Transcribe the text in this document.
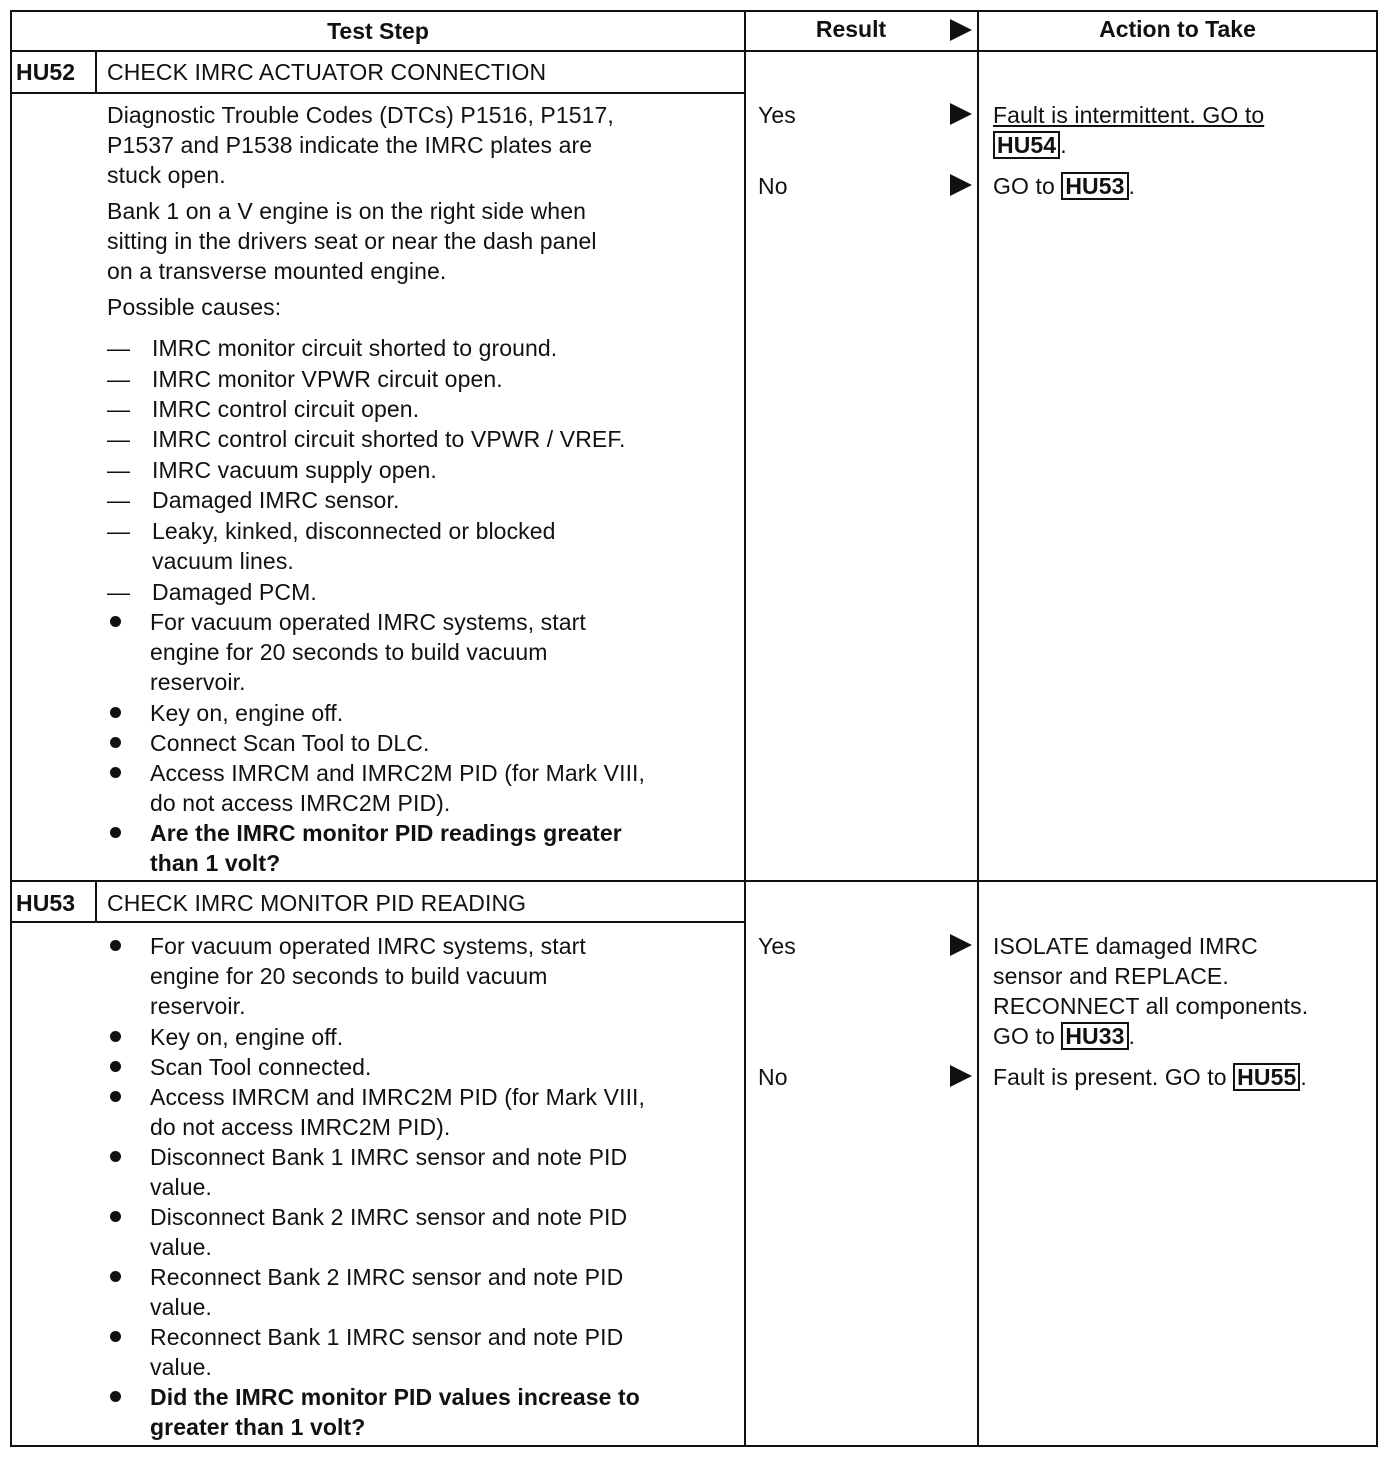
Test Step	Result	Action to Take
HU52 CHECK IMRC ACTUATOR CONNECTION
Diagnostic Trouble Codes (DTCs) P1516, P1517,
P1537 and P1538 indicate the IMRC plates are
stuck open.
Bank 1 on a V engine is on the right side when
sitting in the drivers seat or near the dash panel
on a transverse mounted engine.
Possible causes:
— IMRC monitor circuit shorted to ground.
— IMRC monitor VPWR circuit open.
— IMRC control circuit open.
— IMRC control circuit shorted to VPWR / VREF.
— IMRC vacuum supply open.
— Damaged IMRC sensor.
— Leaky, kinked, disconnected or blocked
vacuum lines.
— Damaged PCM.
For vacuum operated IMRC systems, start
engine for 20 seconds to build vacuum
reservoir.
Key on, engine off.
Connect Scan Tool to DLC.
Access IMRCM and IMRC2M PID (for Mark VIII,
do not access IMRC2M PID).
Are the IMRC monitor PID readings greater
than 1 volt?
Yes	Fault is intermittent. GO to
HU54 .
No	GO to HU53 .
HU53 CHECK IMRC MONITOR PID READING
For vacuum operated IMRC systems, start
engine for 20 seconds to build vacuum
reservoir.
Key on, engine off.
Scan Tool connected.
Access IMRCM and IMRC2M PID (for Mark VIII,
do not access IMRC2M PID).
Disconnect Bank 1 IMRC sensor and note PID
value.
Disconnect Bank 2 IMRC sensor and note PID
value.
Reconnect Bank 2 IMRC sensor and note PID
value.
Reconnect Bank 1 IMRC sensor and note PID
value.
Did the IMRC monitor PID values increase to
greater than 1 volt?
Yes	ISOLATE damaged IMRC
sensor and REPLACE.
RECONNECT all components.
GO to HU33 .
No	Fault is present. GO to HU55 .
